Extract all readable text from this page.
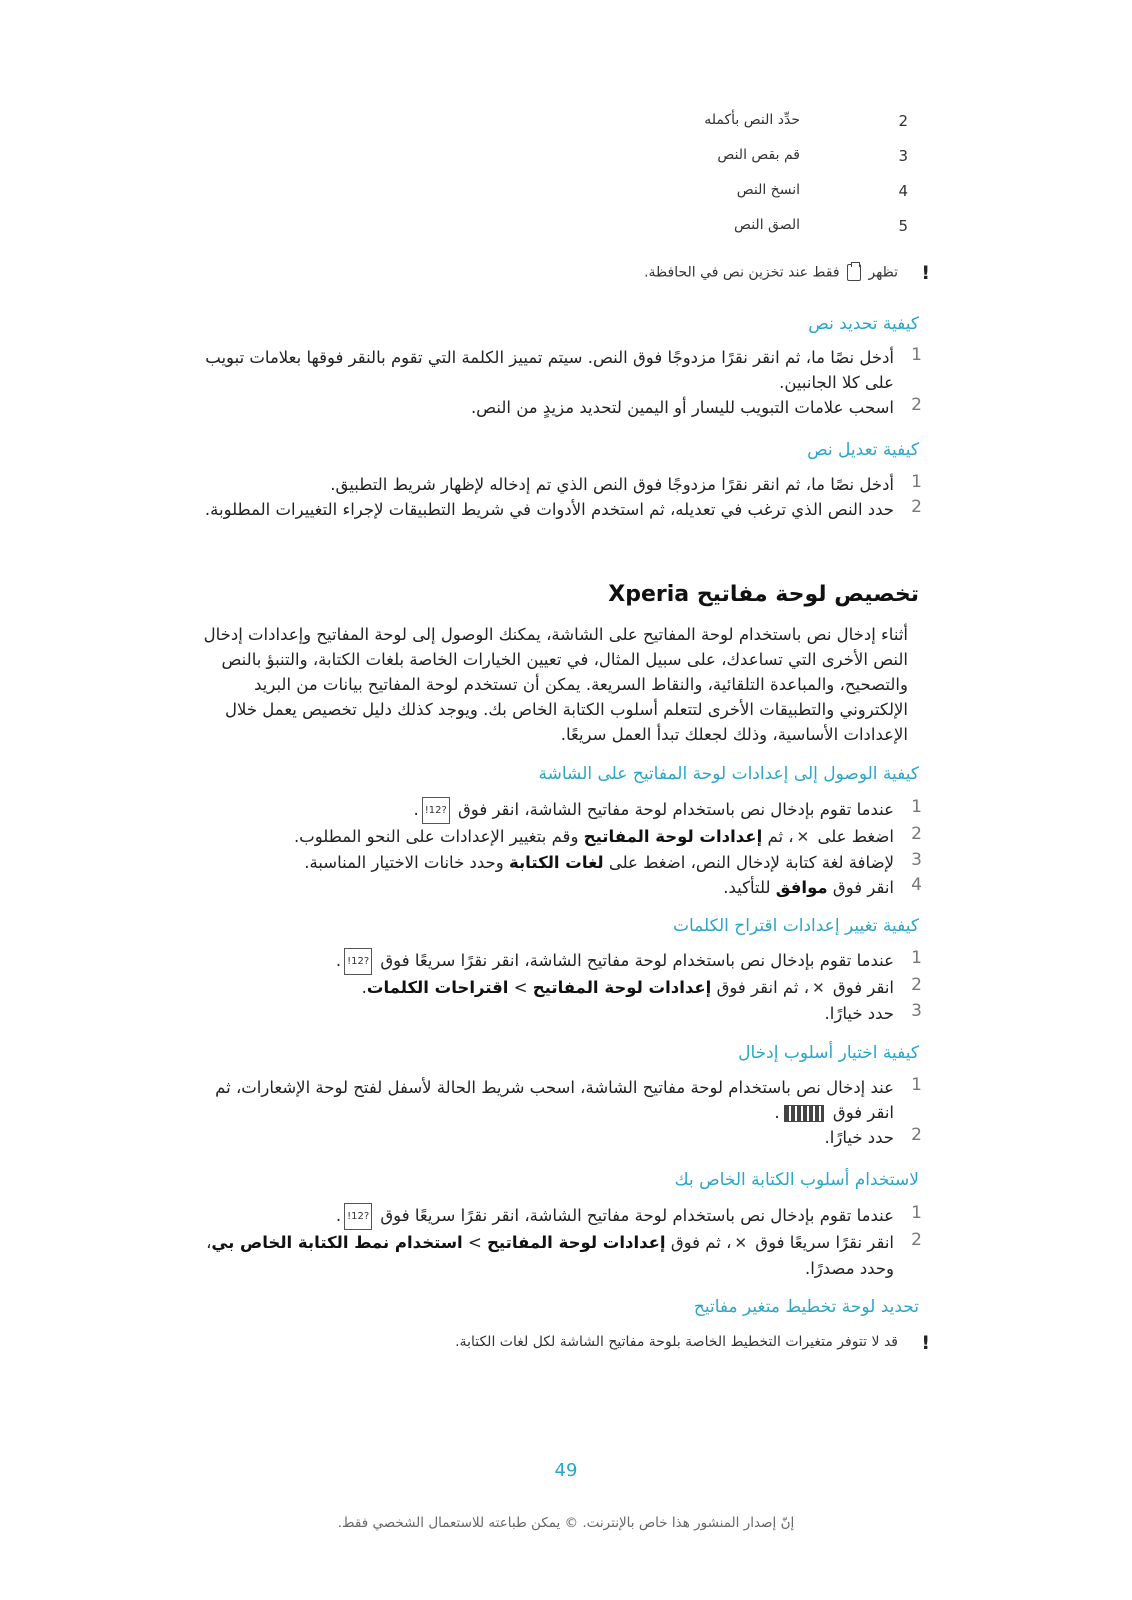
2
حدِّد النص بأكمله
3
قم بقص النص
4
انسخ النص
5
الصق النص
!
تظهر  فقط عند تخزين نص في الحافظة.
كيفية تحديد نص
1
أدخل نصًا ما، ثم انقر نقرًا مزدوجًا فوق النص. سيتم تمييز الكلمة التي تقوم بالنقر فوقها بعلامات تبويب على كلا الجانبين.
2
اسحب علامات التبويب لليسار أو اليمين لتحديد مزيدٍ من النص.
كيفية تعديل نص
1
أدخل نصًا ما، ثم انقر نقرًا مزدوجًا فوق النص الذي تم إدخاله لإظهار شريط التطبيق.
2
حدد النص الذي ترغب في تعديله، ثم استخدم الأدوات في شريط التطبيقات لإجراء التغييرات المطلوبة.
تخصيص لوحة مفاتيح Xperia
أثناء إدخال نص باستخدام لوحة المفاتيح على الشاشة، يمكنك الوصول إلى لوحة المفاتيح وإعدادات إدخال النص الأخرى التي تساعدك، على سبيل المثال، في تعيين الخيارات الخاصة بلغات الكتابة، والتنبؤ بالنص والتصحيح، والمباعدة التلقائية، والنقاط السريعة. يمكن أن تستخدم لوحة المفاتيح بيانات من البريد الإلكتروني والتطبيقات الأخرى لتتعلم أسلوب الكتابة الخاص بك. ويوجد كذلك دليل تخصيص يعمل خلال الإعدادات الأساسية، وذلك لجعلك تبدأ العمل سريعًا.
كيفية الوصول إلى إعدادات لوحة المفاتيح على الشاشة
1
عندما تقوم بإدخال نص باستخدام لوحة مفاتيح الشاشة، انقر فوق ?12!.
2
اضغط على ✕، ثم إعدادات لوحة المفاتيح وقم بتغيير الإعدادات على النحو المطلوب.
3
لإضافة لغة كتابة لإدخال النص، اضغط على لغات الكتابة وحدد خانات الاختيار المناسبة.
4
انقر فوق موافق للتأكيد.
كيفية تغيير إعدادات اقتراح الكلمات
1
عندما تقوم بإدخال نص باستخدام لوحة مفاتيح الشاشة، انقر نقرًا سريعًا فوق ?12!.
2
انقر فوق ✕، ثم انقر فوق إعدادات لوحة المفاتيح > اقتراحات الكلمات.
3
حدد خيارًا.
كيفية اختيار أسلوب إدخال
1
عند إدخال نص باستخدام لوحة مفاتيح الشاشة، اسحب شريط الحالة لأسفل لفتح لوحة الإشعارات، ثم انقر فوق .
2
حدد خيارًا.
لاستخدام أسلوب الكتابة الخاص بك
1
عندما تقوم بإدخال نص باستخدام لوحة مفاتيح الشاشة، انقر نقرًا سريعًا فوق ?12!.
2
انقر نقرًا سريعًا فوق ✕، ثم فوق إعدادات لوحة المفاتيح > استخدام نمط الكتابة الخاص بي، وحدد مصدرًا.
تحديد لوحة تخطيط متغير مفاتيح
!
قد لا تتوفر متغيرات التخطيط الخاصة بلوحة مفاتيح الشاشة لكل لغات الكتابة.
49
إنّ إصدار المنشور هذا خاص بالإنترنت. © يمكن طباعته للاستعمال الشخصي فقط.
